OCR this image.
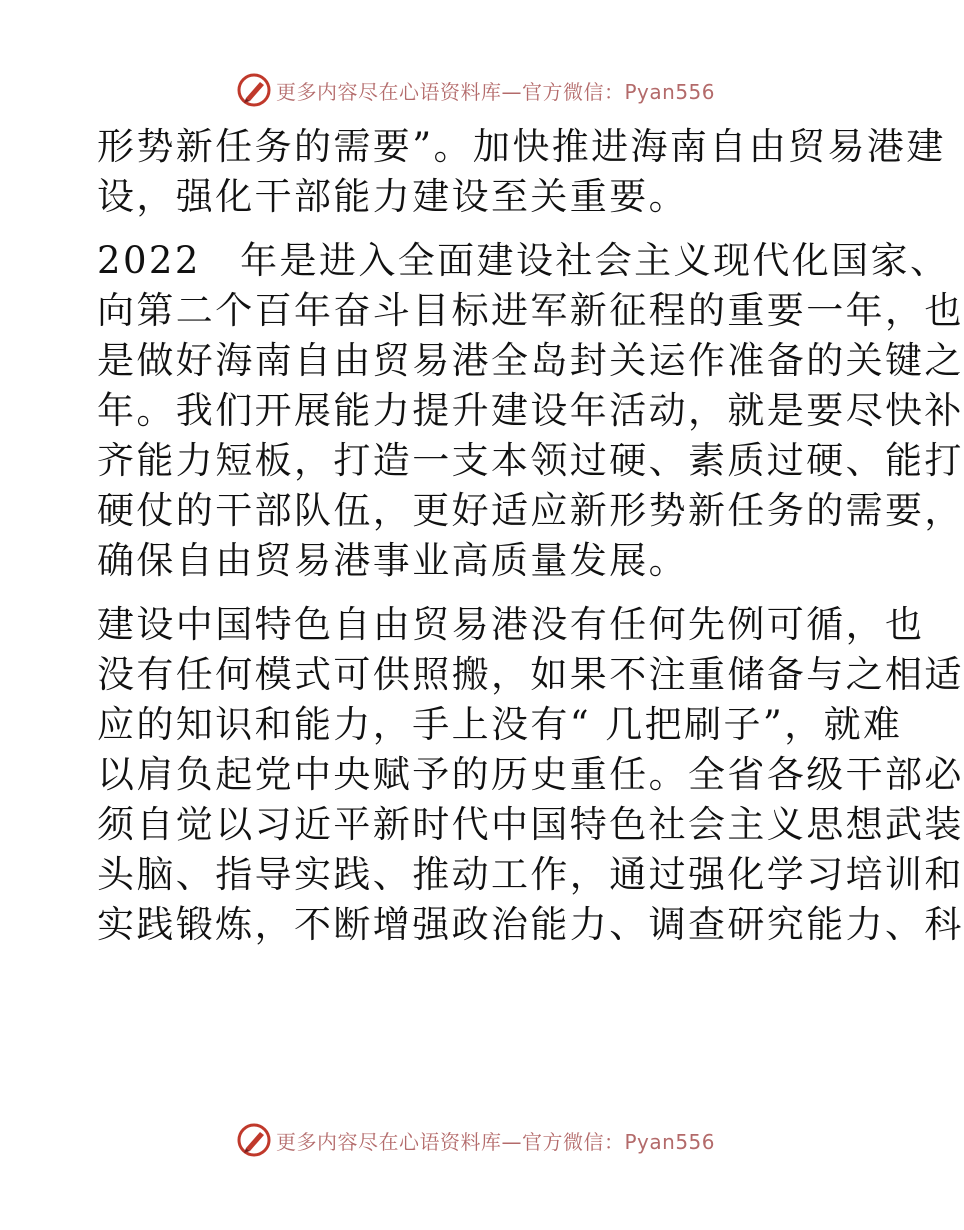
更多内容尽在心语资料库—官方微信：Pyan556
形势新任务的需要”。加快推进海南自由贸易港建
设，强化干部能力建设至关重要。
2022　年是进入全面建设社会主义现代化国家、
向第二个百年奋斗目标进军新征程的重要一年，也
是做好海南自由贸易港全岛封关运作准备的关键之
年。我们开展能力提升建设年活动，就是要尽快补
齐能力短板，打造一支本领过硬、素质过硬、能打
硬仗的干部队伍，更好适应新形势新任务的需要，
确保自由贸易港事业高质量发展。
建设中国特色自由贸易港没有任何先例可循，也
没有任何模式可供照搬，如果不注重储备与之相适
应的知识和能力，手上没有“ 几把刷子”，就难
以肩负起党中央赋予的历史重任。全省各级干部必
须自觉以习近平新时代中国特色社会主义思想武装
头脑、指导实践、推动工作，通过强化学习培训和
实践锻炼，不断增强政治能力、调查研究能力、科
更多内容尽在心语资料库—官方微信：Pyan556
